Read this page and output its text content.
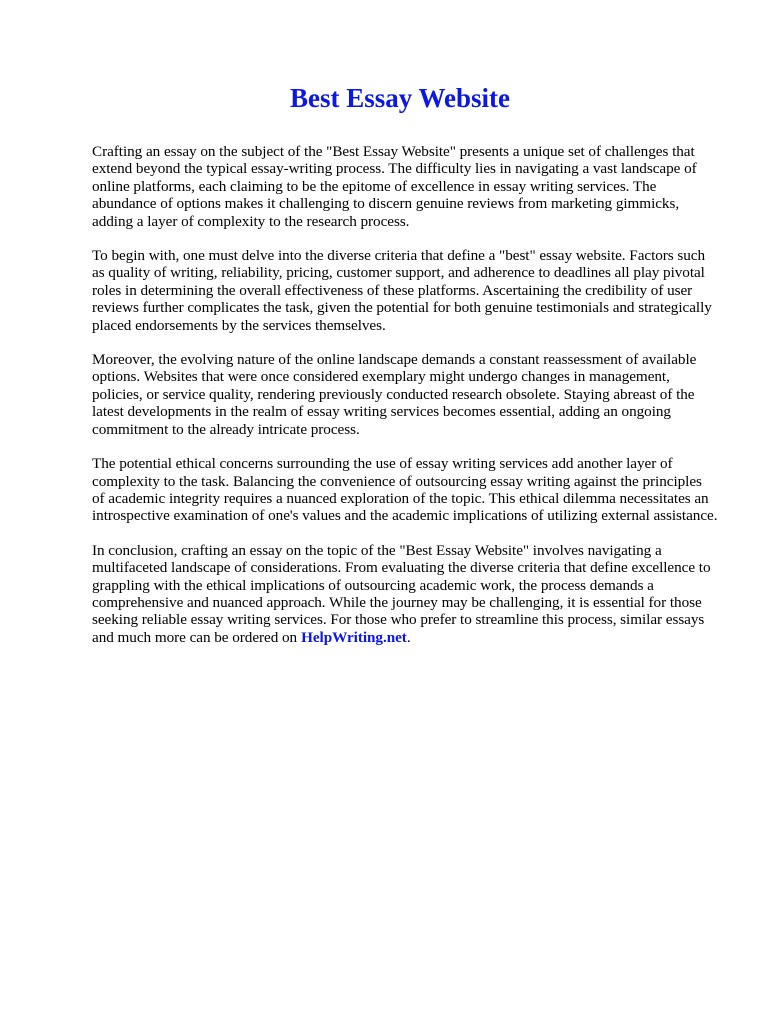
Best Essay Website

Crafting an essay on the subject of the "Best Essay Website" presents a unique set of challenges that extend beyond the typical essay-writing process. The difficulty lies in navigating a vast landscape of online platforms, each claiming to be the epitome of excellence in essay writing services. The abundance of options makes it challenging to discern genuine reviews from marketing gimmicks, adding a layer of complexity to the research process.

To begin with, one must delve into the diverse criteria that define a "best" essay website. Factors such as quality of writing, reliability, pricing, customer support, and adherence to deadlines all play pivotal roles in determining the overall effectiveness of these platforms. Ascertaining the credibility of user reviews further complicates the task, given the potential for both genuine testimonials and strategically placed endorsements by the services themselves.

Moreover, the evolving nature of the online landscape demands a constant reassessment of available options. Websites that were once considered exemplary might undergo changes in management, policies, or service quality, rendering previously conducted research obsolete. Staying abreast of the latest developments in the realm of essay writing services becomes essential, adding an ongoing commitment to the already intricate process.

The potential ethical concerns surrounding the use of essay writing services add another layer of complexity to the task. Balancing the convenience of outsourcing essay writing against the principles of academic integrity requires a nuanced exploration of the topic. This ethical dilemma necessitates an introspective examination of one's values and the academic implications of utilizing external assistance.

In conclusion, crafting an essay on the topic of the "Best Essay Website" involves navigating a multifaceted landscape of considerations. From evaluating the diverse criteria that define excellence to grappling with the ethical implications of outsourcing academic work, the process demands a comprehensive and nuanced approach. While the journey may be challenging, it is essential for those seeking reliable essay writing services. For those who prefer to streamline this process, similar essays and much more can be ordered on HelpWriting.net.
